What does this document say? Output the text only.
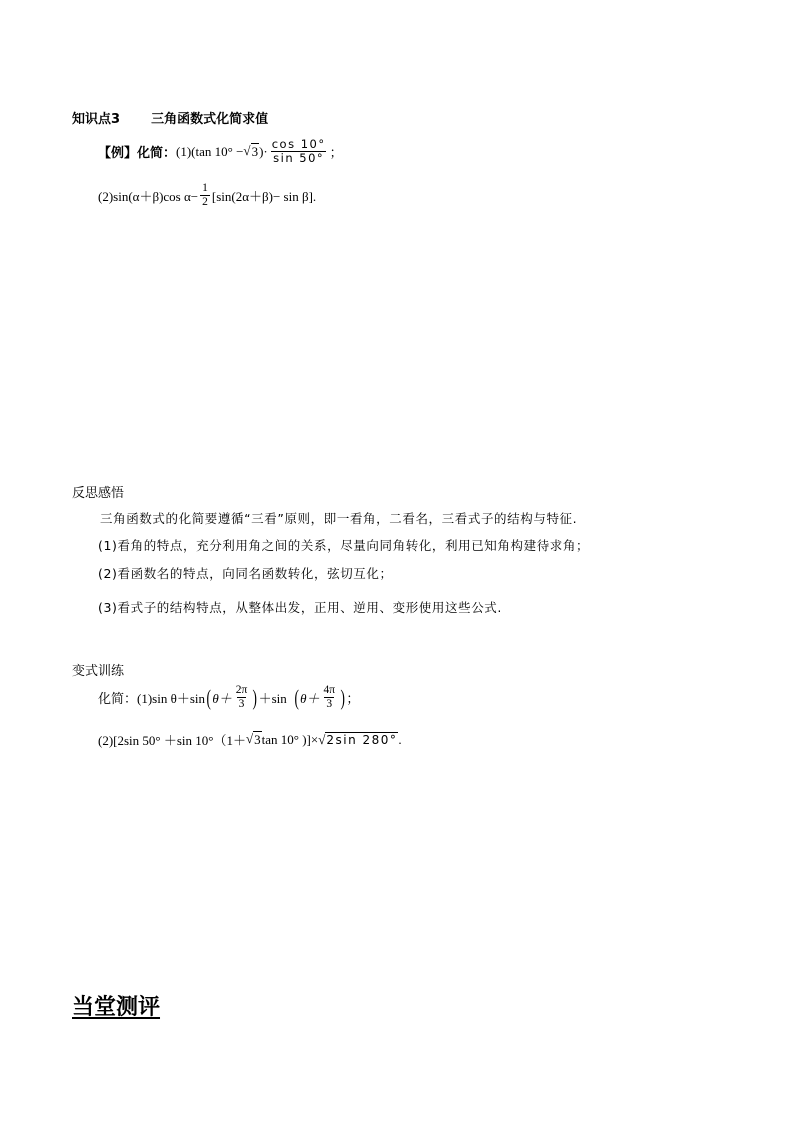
知识点3 三角函数式化简求值
【例】化简： (1)(tan 10° − √ 3 )· $\frac{\cos 10^\circ}{\sin 50^\circ}$ ；
(2)sin(α＋β)cos $\alpha- \frac{1}{2} [\sin(2\alpha+\beta)- \sin \beta]$.
反思感悟
三角函数式的化简要遵循“三看”原则，即一看角，二看名，三看式子的结构与特征.
(1)看角的特点，充分利用角之间的关系，尽量向同角转化，利用已知角构建待求角；
(2)看函数名的特点，向同名函数转化，弦切互化；
(3)看式子的结构特点，从整体出发，正用、逆用、变形使用这些公式.
变式训练
化简： (1)sin θ＋sin ( $\theta+ \frac{2\pi}{3}$ ) ＋sin ( $\theta+ \frac{4\pi}{3}$ ) ；
(2)[2sin 50° ＋sin 10°（1＋ √ 3 tan 10° )]× √ 2sin 280° .
当堂测评
